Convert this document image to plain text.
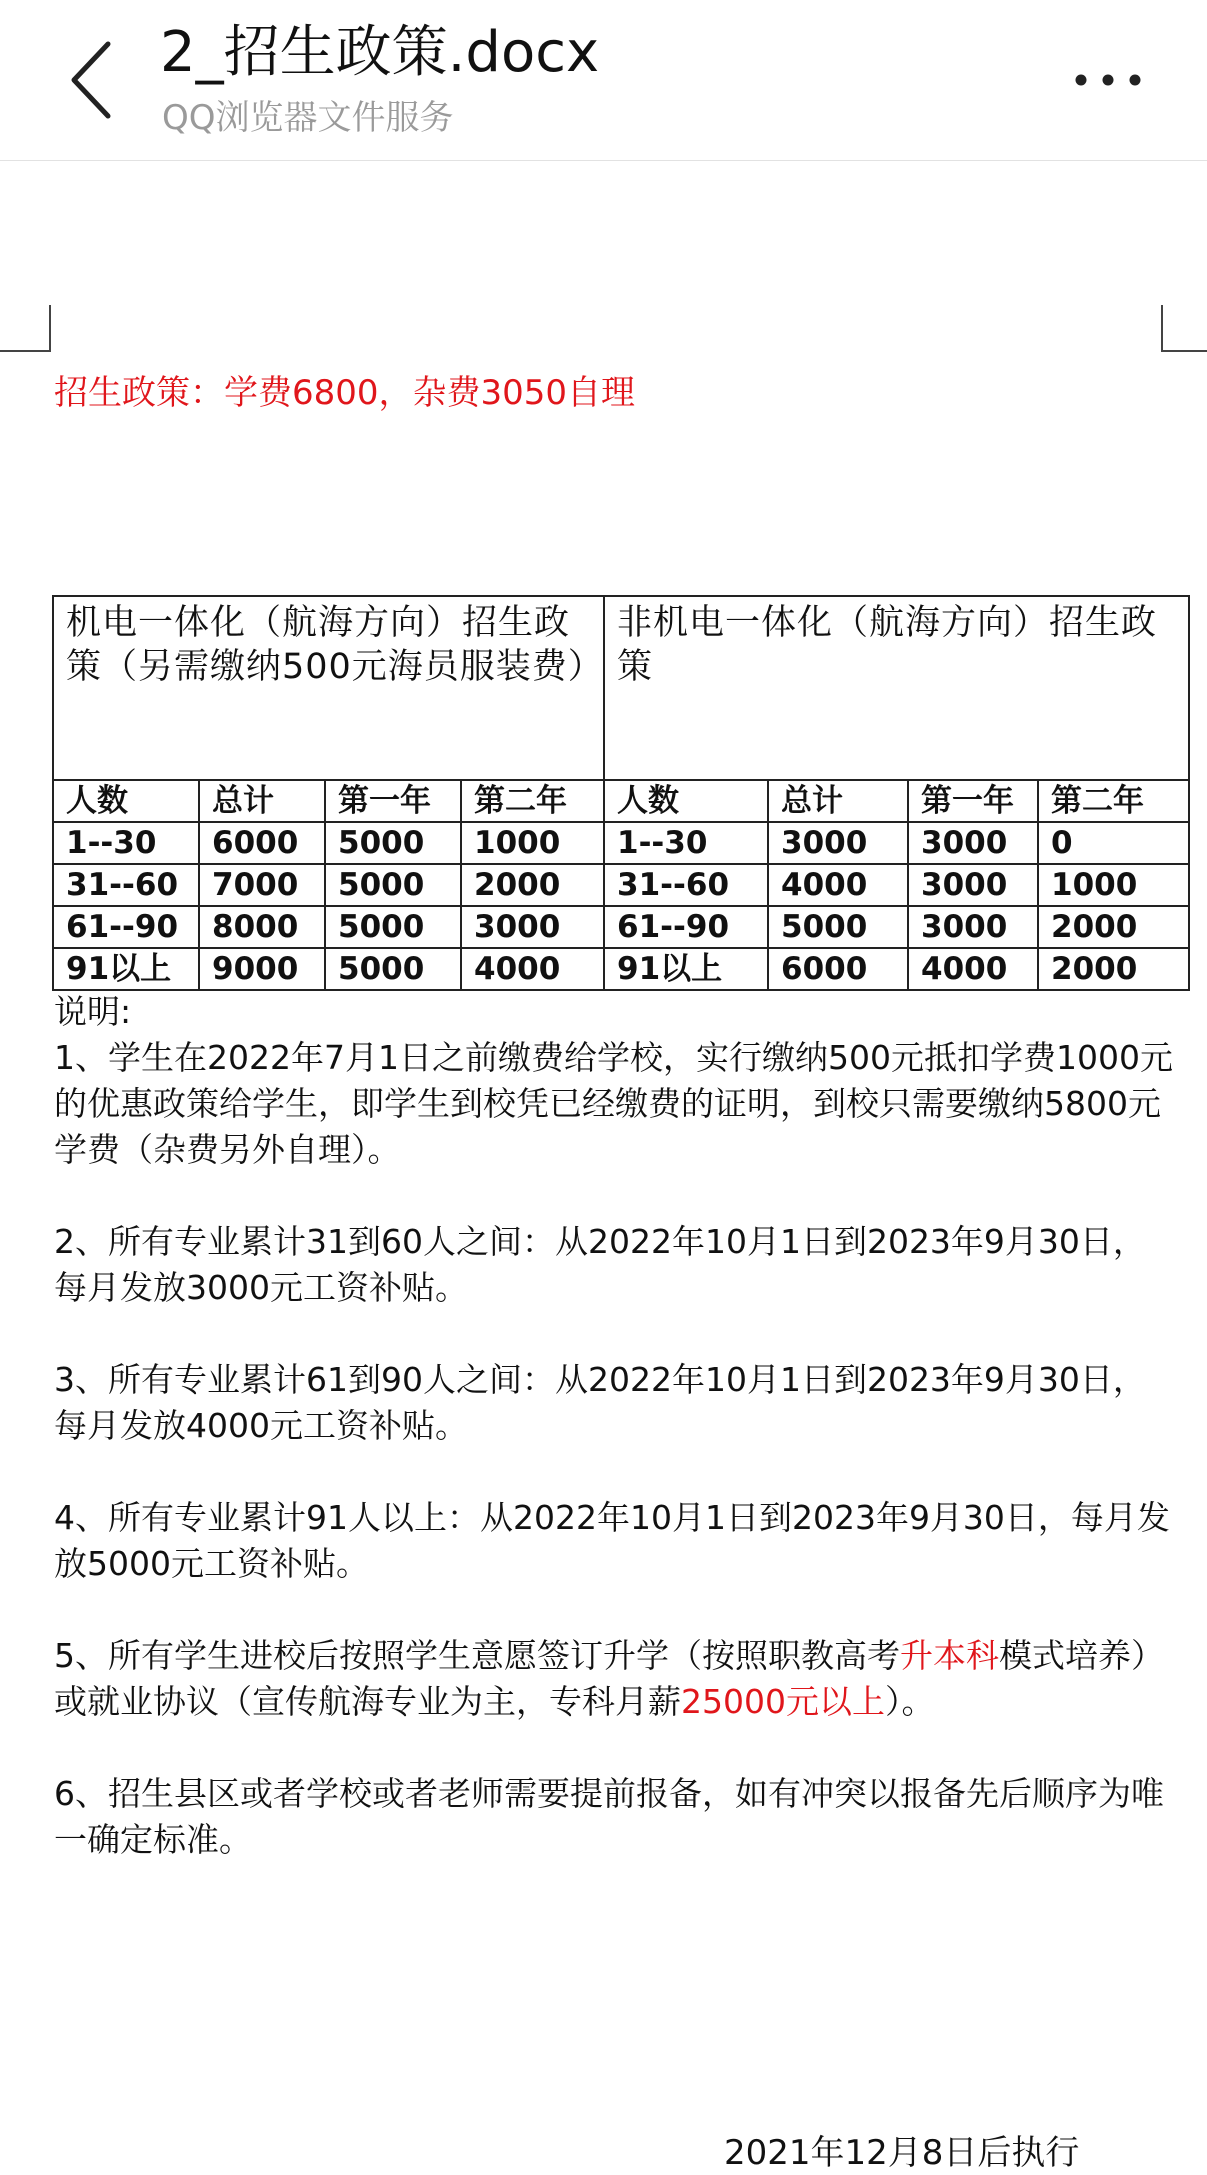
2_招生政策.docx
QQ浏览器文件服务
招生政策：学费6800，杂费3050自理
机电一体化（航海方向）招生政策（另需缴纳500元海员服装费）				非机电一体化（航海方向）招生政策			
人数	总计	第一年	第二年	人数	总计	第一年	第二年
1--30	6000	5000	1000	1--30	3000	3000	0
31--60	7000	5000	2000	31--60	4000	3000	1000
61--90	8000	5000	3000	61--90	5000	3000	2000
91以上	9000	5000	4000	91以上	6000	4000	2000

说明:

1、学生在2022年7月1日之前缴费给学校，实行缴纳500元抵扣学费1000元的优惠政策给学生，即学生到校凭已经缴费的证明，到校只需要缴纳5800元学费（杂费另外自理）。

2、所有专业累计31到60人之间：从2022年10月1日到2023年9月30日，每月发放3000元工资补贴。

3、所有专业累计61到90人之间：从2022年10月1日到2023年9月30日，每月发放4000元工资补贴。

4、所有专业累计91人以上：从2022年10月1日到2023年9月30日，每月发放5000元工资补贴。

5、所有学生进校后按照学生意愿签订升学（按照职教高考升本科模式培养）或就业协议（宣传航海专业为主，专科月薪25000元以上）。

6、招生县区或者学校或者老师需要提前报备，如有冲突以报备先后顺序为唯一确定标准。

2021年12月8日后执行
